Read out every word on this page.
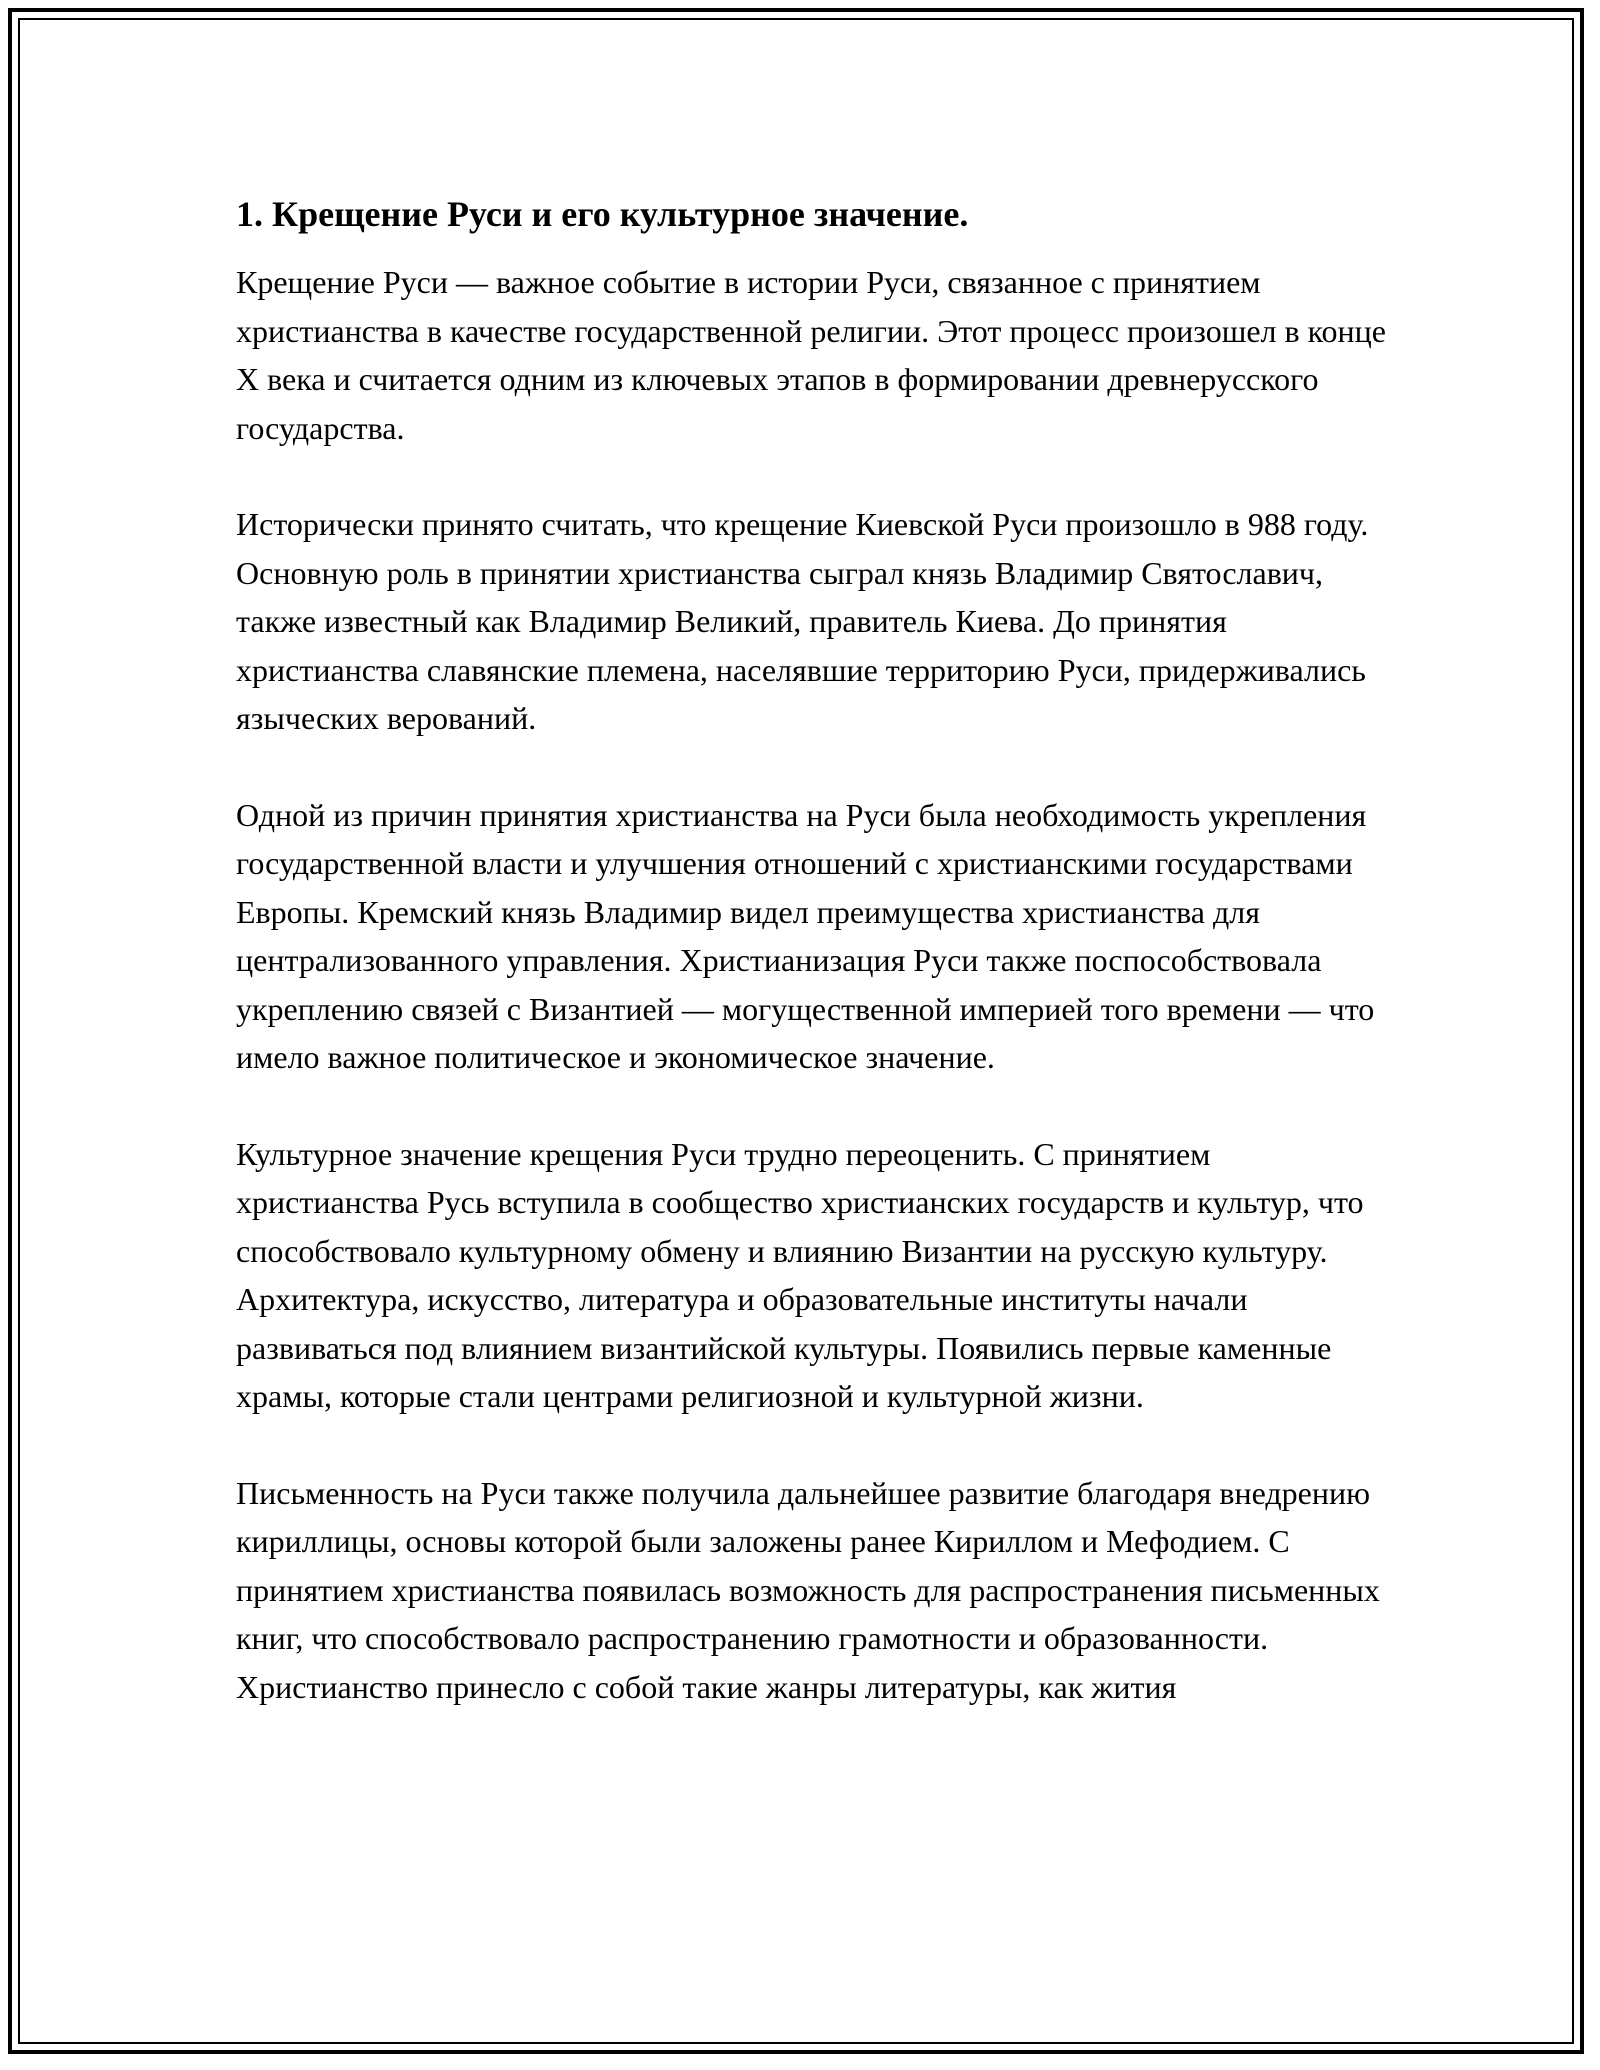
1. Крещение Руси и его культурное значение.

Крещение Руси — важное событие в истории Руси, связанное с принятием христианства в качестве государственной религии. Этот процесс произошел в конце X века и считается одним из ключевых этапов в формировании древнерусского государства.

Исторически принято считать, что крещение Киевской Руси произошло в 988 году. Основную роль в принятии христианства сыграл князь Владимир Святославич, также известный как Владимир Великий, правитель Киева. До принятия христианства славянские племена, населявшие территорию Руси, придерживались языческих верований.

Одной из причин принятия христианства на Руси была необходимость укрепления государственной власти и улучшения отношений с христианскими государствами Европы. Кремский князь Владимир видел преимущества христианства для централизованного управления. Христианизация Руси также поспособствовала укреплению связей с Византией — могущественной империей того времени — что имело важное политическое и экономическое значение.

Культурное значение крещения Руси трудно переоценить. С принятием христианства Русь вступила в сообщество христианских государств и культур, что способствовало культурному обмену и влиянию Византии на русскую культуру. Архитектура, искусство, литература и образовательные институты начали развиваться под влиянием византийской культуры. Появились первые каменные храмы, которые стали центрами религиозной и культурной жизни.

Письменность на Руси также получила дальнейшее развитие благодаря внедрению кириллицы, основы которой были заложены ранее Кириллом и Мефодием. С принятием христианства появилась возможность для распространения письменных книг, что способствовало распространению грамотности и образованности. Христианство принесло с собой такие жанры литературы, как жития
